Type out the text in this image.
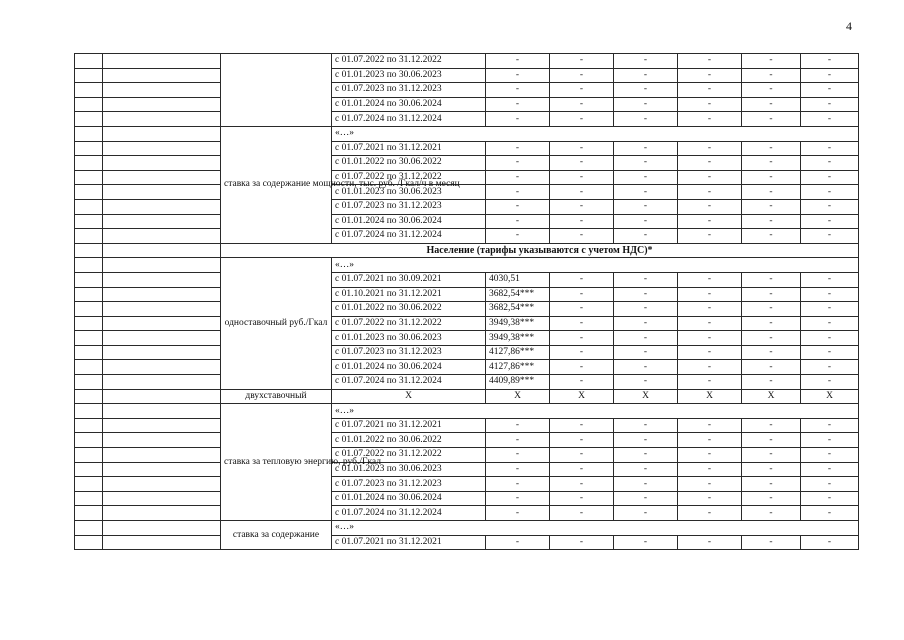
4
			с 01.07.2022 по 31.12.2022	-	-	-	-	-	-
			с 01.01.2023 по 30.06.2023	-	-	-	-	-	-
			с 01.07.2023 по 31.12.2023	-	-	-	-	-	-
			с 01.01.2024 по 30.06.2024	-	-	-	-	-	-
			с 01.07.2024 по 31.12.2024	-	-	-	-	-	-
		ставка за содержание мощности, тыс. руб. /Гкал/ч в месяц	«…»						
			с 01.07.2021 по 31.12.2021	-	-	-	-	-	-
			с 01.01.2022 по 30.06.2022	-	-	-	-	-	-
			с 01.07.2022 по 31.12.2022	-	-	-	-	-	-
			с 01.01.2023 по 30.06.2023	-	-	-	-	-	-
			с 01.07.2023 по 31.12.2023	-	-	-	-	-	-
			с 01.01.2024 по 30.06.2024	-	-	-	-	-	-
			с 01.07.2024 по 31.12.2024	-	-	-	-	-	-
		Население (тарифы указываются с учетом НДС)*							
		одноставочный руб./Гкал	«…»						
			с 01.07.2021 по 30.09.2021	4030,51	-	-	-	-	-
			с 01.10.2021 по 31.12.2021	3682,54***	-	-	-	-	-
			с 01.01.2022 по 30.06.2022	3682,54***	-	-	-	-	-
			с 01.07.2022 по 31.12.2022	3949,38***	-	-	-	-	-
			с 01.01.2023 по 30.06.2023	3949,38***	-	-	-	-	-
			с 01.07.2023 по 31.12.2023	4127,86***	-	-	-	-	-
			с 01.01.2024 по 30.06.2024	4127,86***	-	-	-	-	-
			с 01.07.2024 по 31.12.2024	4409,89***	-	-	-	-	-
		двухставочный	X	X	X	X	X	X	X
		ставка за тепловую энергию, руб./Гкал	«…»						
			с 01.07.2021 по 31.12.2021	-	-	-	-	-	-
			с 01.01.2022 по 30.06.2022	-	-	-	-	-	-
			с 01.07.2022 по 31.12.2022	-	-	-	-	-	-
			с 01.01.2023 по 30.06.2023	-	-	-	-	-	-
			с 01.07.2023 по 31.12.2023	-	-	-	-	-	-
			с 01.01.2024 по 30.06.2024	-	-	-	-	-	-
			с 01.07.2024 по 31.12.2024	-	-	-	-	-	-
		ставка за содержание	«…»						
			с 01.07.2021 по 31.12.2021	-	-	-	-	-	-
